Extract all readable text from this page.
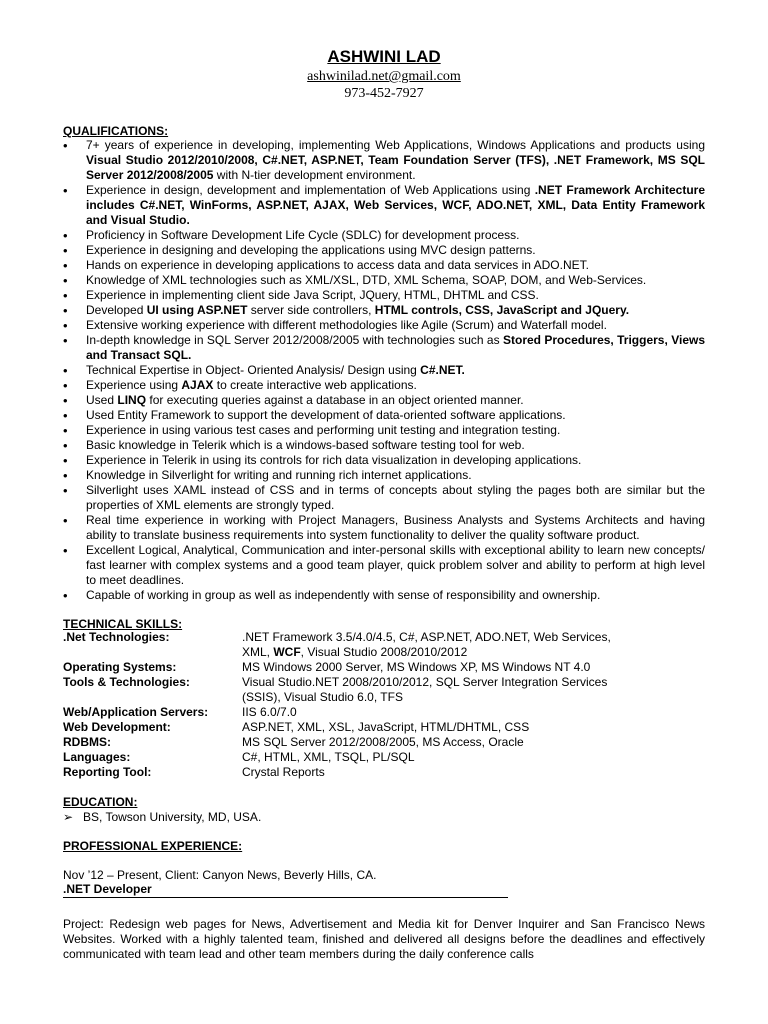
ASHWINI LAD
ashwinilad.net@gmail.com
973-452-7927
QUALIFICATIONS:
• 7+ years of experience in developing, implementing Web Applications, Windows Applications and products using Visual Studio 2012/2010/2008, C#.NET, ASP.NET, Team Foundation Server (TFS), .NET Framework, MS SQL Server 2012/2008/2005 with N-tier development environment.
• Experience in design, development and implementation of Web Applications using .NET Framework Architecture includes C#.NET, WinForms, ASP.NET, AJAX, Web Services, WCF, ADO.NET, XML, Data Entity Framework and Visual Studio.
• Proficiency in Software Development Life Cycle (SDLC) for development process.
• Experience in designing and developing the applications using MVC design patterns.
• Hands on experience in developing applications to access data and data services in ADO.NET.
• Knowledge of XML technologies such as XML/XSL, DTD, XML Schema, SOAP, DOM, and Web-Services.
• Experience in implementing client side Java Script, JQuery, HTML, DHTML and CSS.
• Developed UI using ASP.NET server side controllers, HTML controls, CSS, JavaScript and JQuery.
• Extensive working experience with different methodologies like Agile (Scrum) and Waterfall model.
• In-depth knowledge in SQL Server 2012/2008/2005 with technologies such as Stored Procedures, Triggers, Views and Transact SQL.
• Technical Expertise in Object- Oriented Analysis/ Design using C#.NET.
• Experience using AJAX to create interactive web applications.
• Used LINQ for executing queries against a database in an object oriented manner.
• Used Entity Framework to support the development of data-oriented software applications.
• Experience in using various test cases and performing unit testing and integration testing.
• Basic knowledge in Telerik which is a windows-based software testing tool for web.
• Experience in Telerik in using its controls for rich data visualization in developing applications.
• Knowledge in Silverlight for writing and running rich internet applications.
• Silverlight uses XAML instead of CSS and in terms of concepts about styling the pages both are similar but the properties of XML elements are strongly typed.
• Real time experience in working with Project Managers, Business Analysts and Systems Architects and having ability to translate business requirements into system functionality to deliver the quality software product.
• Excellent Logical, Analytical, Communication and inter-personal skills with exceptional ability to learn new concepts/ fast learner with complex systems and a good team player, quick problem solver and ability to perform at high level to meet deadlines.
• Capable of working in group as well as independently with sense of responsibility and ownership.
TECHNICAL SKILLS:
.Net Technologies:	.NET Framework 3.5/4.0/4.5, C#, ASP.NET, ADO.NET, Web Services, XML, WCF, Visual Studio 2008/2010/2012
Operating Systems:	MS Windows 2000 Server, MS Windows XP, MS Windows NT 4.0
Tools & Technologies:	Visual Studio.NET 2008/2010/2012, SQL Server Integration Services (SSIS), Visual Studio 6.0, TFS
Web/Application Servers:	IIS 6.0/7.0
Web Development:	ASP.NET, XML, XSL, JavaScript, HTML/DHTML, CSS
RDBMS:	MS SQL Server 2012/2008/2005, MS Access, Oracle
Languages:	C#, HTML, XML, TSQL, PL/SQL
Reporting Tool:	Crystal Reports
EDUCATION:
➢ BS, Towson University, MD, USA.
PROFESSIONAL EXPERIENCE:
Nov ’12 – Present, Client: Canyon News, Beverly Hills, CA.
.NET Developer
Project: Redesign web pages for News, Advertisement and Media kit for Denver Inquirer and San Francisco News Websites. Worked with a highly talented team, finished and delivered all designs before the deadlines and effectively communicated with team lead and other team members during the daily conference calls
